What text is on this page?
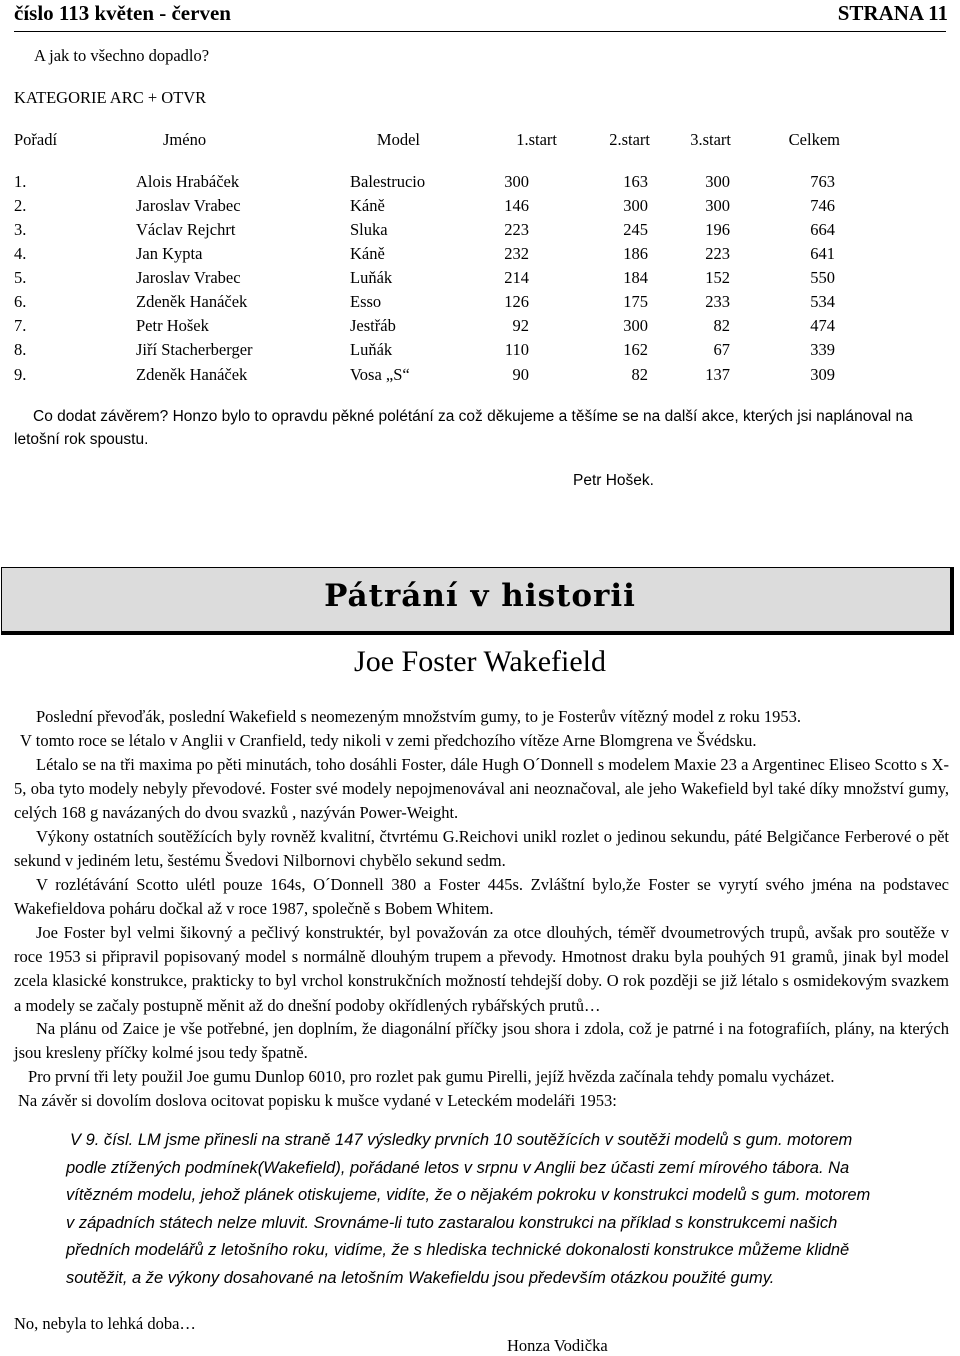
číslo 113 květen - červen	STRANA 11
A jak to všechno dopadlo?
KATEGORIE ARC + OTVR
Pořadí	Jméno	Model	1.start	2.start 3.start	Celkem
1.	Alois Hrabáček	Balestrucio	300	163	300	763
2.	Jaroslav Vrabec	Káně	146	300	300	746
3.	Václav Rejchrt	Sluka	223	245	196	664
4.	Jan Kypta	Káně	232	186	223	641
5.	Jaroslav Vrabec	Luňák	214	184	152	550
6.	Zdeněk Hanáček	Esso	126	175	233	534
7.	Petr Hošek	Jestřáb	92	300	82	474
8.	Jiří Stacherberger	Luňák	110	162	67	339
9.	Zdeněk Hanáček	Vosa „S“	90	82	137	309
Co dodat závěrem? Honzo bylo to opravdu pěkné polétání za což děkujeme a těšíme se na další akce, kterých jsi naplánoval na
letošní rok spoustu.
Petr Hošek.
Pátrání v historii
Joe Foster Wakefield
Poslední převoďák, poslední Wakefield s neomezeným množstvím gumy, to je Fosterův vítězný model z roku 1953.
V tomto roce se létalo v Anglii v Cranfield, tedy nikoli v zemi předchozího vítěze Arne Blomgrena ve Švédsku.
Létalo se na tři maxima po pěti minutách, toho dosáhli Foster, dále Hugh O´Donnell s modelem Maxie 23 a Argentinec Eliseo Scotto s X-5, oba tyto modely nebyly převodové. Foster své modely nepojmenovával ani neoznačoval, ale jeho Wakefield byl také díky množství gumy, celých 168 g navázaných do dvou svazků , nazýván Power-Weight.
Výkony ostatních soutěžících byly rovněž kvalitní, čtvrtému G.Reichovi unikl rozlet o jedinou sekundu, páté Belgičance Ferberové o pět sekund v jediném letu, šestému Švedovi Nilbornovi chybělo sekund sedm.
V rozlétávání Scotto ulétl pouze 164s, O´Donnell 380 a Foster 445s. Zvláštní bylo,že Foster se vyrytí svého jména na podstavec Wakefieldova poháru dočkal až v roce 1987, společně s Bobem Whitem.
Joe Foster byl velmi šikovný a pečlivý konstruktér, byl považován za otce dlouhých, téměř dvoumetrových trupů, avšak pro soutěže v roce 1953 si připravil popisovaný model s normálně dlouhým trupem a převody. Hmotnost draku byla pouhých 91 gramů, jinak byl model zcela klasické konstrukce, prakticky to byl vrchol konstrukčních možností tehdejší doby. O rok později se již létalo s osmidekovým svazkem a modely se začaly postupně měnit až do dnešní podoby okřídlených rybářských prutů…
Na plánu od Zaice je vše potřebné, jen doplním, že diagonální příčky jsou shora i zdola, což je patrné i na fotografiích, plány, na kterých jsou kresleny příčky kolmé jsou tedy špatně.
Pro první tři lety použil Joe gumu Dunlop 6010, pro rozlet pak gumu Pirelli, jejíž hvězda začínala tehdy pomalu vycházet.
Na závěr si dovolím doslova ocitovat popisku k mušce vydané v Leteckém modeláři 1953:
V 9. čísl. LM jsme přinesli na straně 147 výsledky prvních 10 soutěžících v soutěži modelů s gum. motorem
podle ztížených podmínek(Wakefield), pořádané letos v srpnu v Anglii bez účasti zemí mírového tábora. Na
vítězném modelu, jehož plánek otiskujeme, vidíte, že o nějakém pokroku v konstrukci modelů s gum. motorem
v západních státech nelze mluvit. Srovnáme-li tuto zastaralou konstrukci na příklad s konstrukcemi našich
předních modelářů z letošního roku, vidíme, že s hlediska technické dokonalosti konstrukce můžeme klidně
soutěžit, a že výkony dosahované na letošním Wakefieldu jsou především otázkou použité gumy.
No, nebyla to lehká doba…
Honza Vodička
